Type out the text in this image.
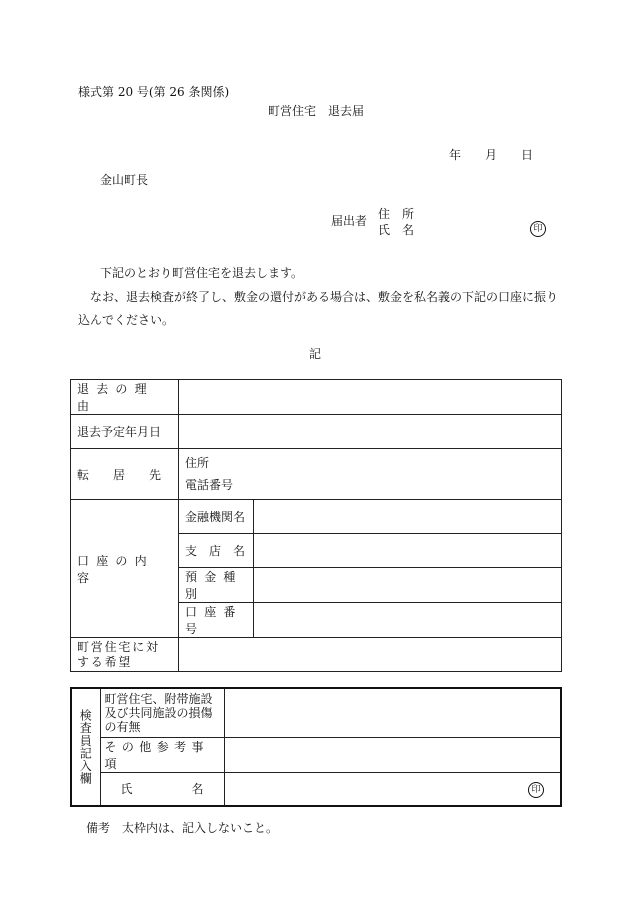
様式第 20 号(第 26 条関係)
町営住宅　退去届
年 月 日
金山町長
届出者 住　所
氏　名	印
下記のとおり町営住宅を退去します。
なお、退去検査が終了し、敷金の還付がある場合は、敷金を私名義の下記の口座に振り
込んでください。
記
退去の理由		
退去予定年月日		
転　　居　　先	住所
電話番号	

口座の内容	金融機関名	
	支　店　名	
	預金種別	
	口座番号	
町営住宅に対する希望		
検査員記入欄	町営住宅、附帯施設及び共同施設の損傷の有無	
	その他参考事項	

	氏 名	印
備考　太枠内は、記入しないこと。
